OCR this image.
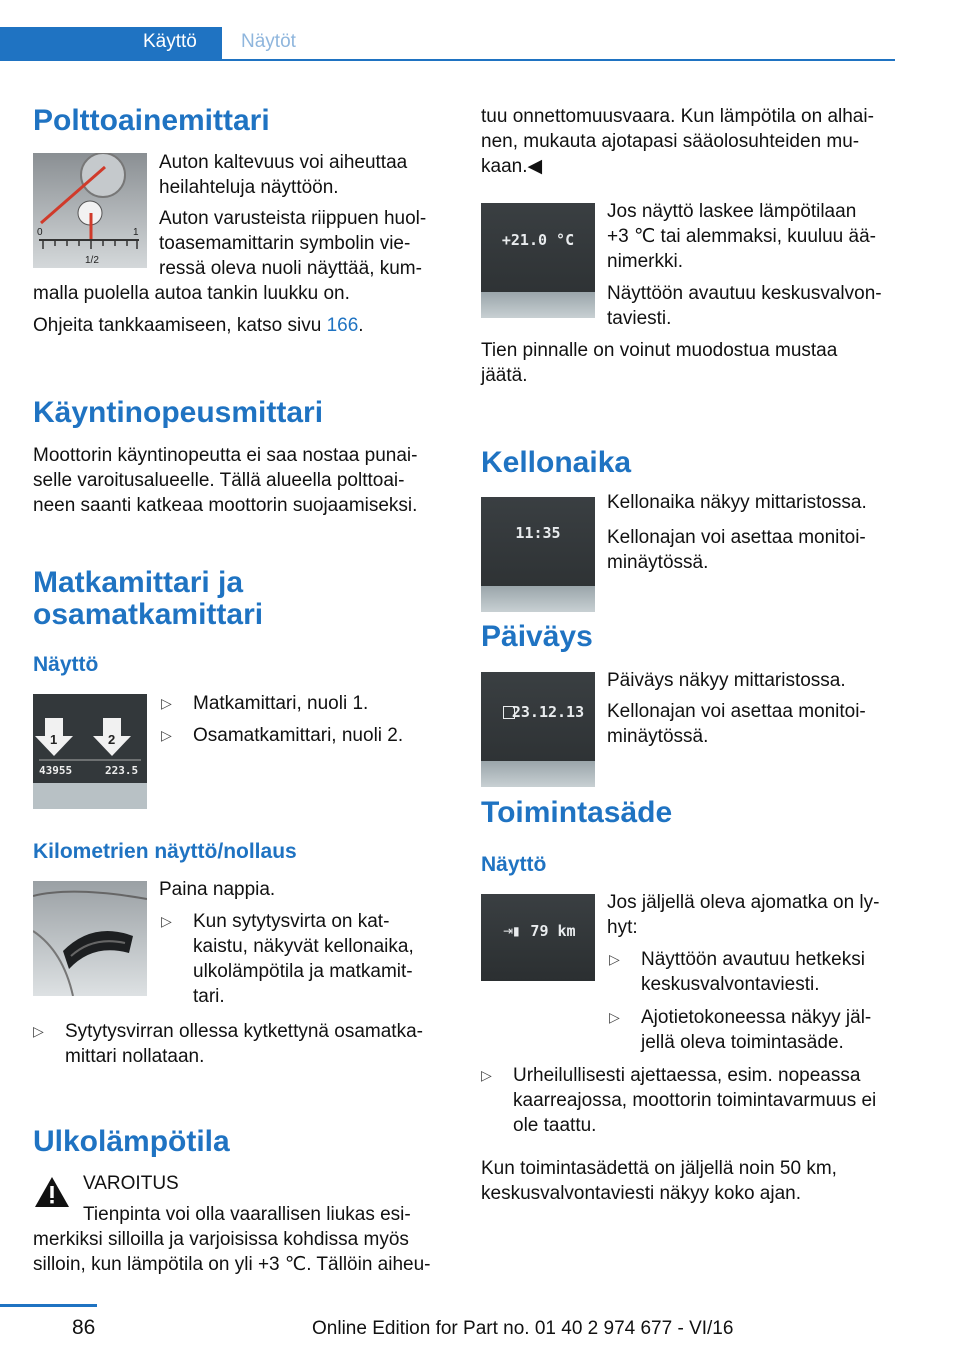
Käyttö Näytöt
Polttoainemittari
0
1/2
1
Auton kaltevuus voi aiheuttaa
heilahteluja näyttöön.
Auton varusteista riippuen huol-
toasemamittarin symbolin vie-
ressä oleva nuoli näyttää, kum-
malla puolella autoa tankin luukku on.
Ohjeita tankkaamiseen, katso sivu 166.
Käyntinopeusmittari
Moottorin käyntinopeutta ei saa nostaa punai-
selle varoitusalueelle. Tällä alueella polttoai-
neen saanti katkeaa moottorin suojaamiseksi.
Matkamittari ja
osamatkamittari
Näyttö
1	2
43955	223.5
▷ Matkamittari, nuoli 1.
▷ Osamatkamittari, nuoli 2.
Kilometrien näyttö/nollaus
Paina nappia.
▷ Kun sytytysvirta on kat-
kaistu, näkyvät kellonaika,
ulkolämpötila ja matkamit-
tari.
▷ Sytytysvirran ollessa kytkettynä osamatka-
mittari nollataan.
Ulkolämpötila
VAROITUS
Tienpinta voi olla vaarallisen liukas esi-
merkiksi silloilla ja varjoisissa kohdissa myös
silloin, kun lämpötila on yli +3 ℃. Tällöin aiheu-
tuu onnettomuusvaara. Kun lämpötila on alhai-
nen, mukauta ajotapasi sääolosuhteiden mu-
kaan.◀
+21.0 °C
Jos näyttö laskee lämpötilaan
+3 ℃ tai alemmaksi, kuuluu ää-
nimerkki.
Näyttöön avautuu keskusvalvon-
taviesti.
Tien pinnalle on voinut muodostua mustaa
jäätä.
Kellonaika
11:35
Kellonaika näkyy mittaristossa.
Kellonajan voi asettaa monitoi-
minäytössä.
Päiväys
23.12.13
Päiväys näkyy mittaristossa.
Kellonajan voi asettaa monitoi-
minäytössä.
Toimintasäde
Näyttö
⇥▮ 79 km
Jos jäljellä oleva ajomatka on ly-
hyt:
▷ Näyttöön avautuu hetkeksi
keskusvalvontaviesti.
▷ Ajotietokoneessa näkyy jäl-
jellä oleva toimintasäde.
▷ Urheilullisesti ajettaessa, esim. nopeassa
kaarreajossa, moottorin toimintavarmuus ei
ole taattu.
Kun toimintasädettä on jäljellä noin 50 km,
keskusvalvontaviesti näkyy koko ajan.
86	Online Edition for Part no. 01 40 2 974 677 - VI/16
